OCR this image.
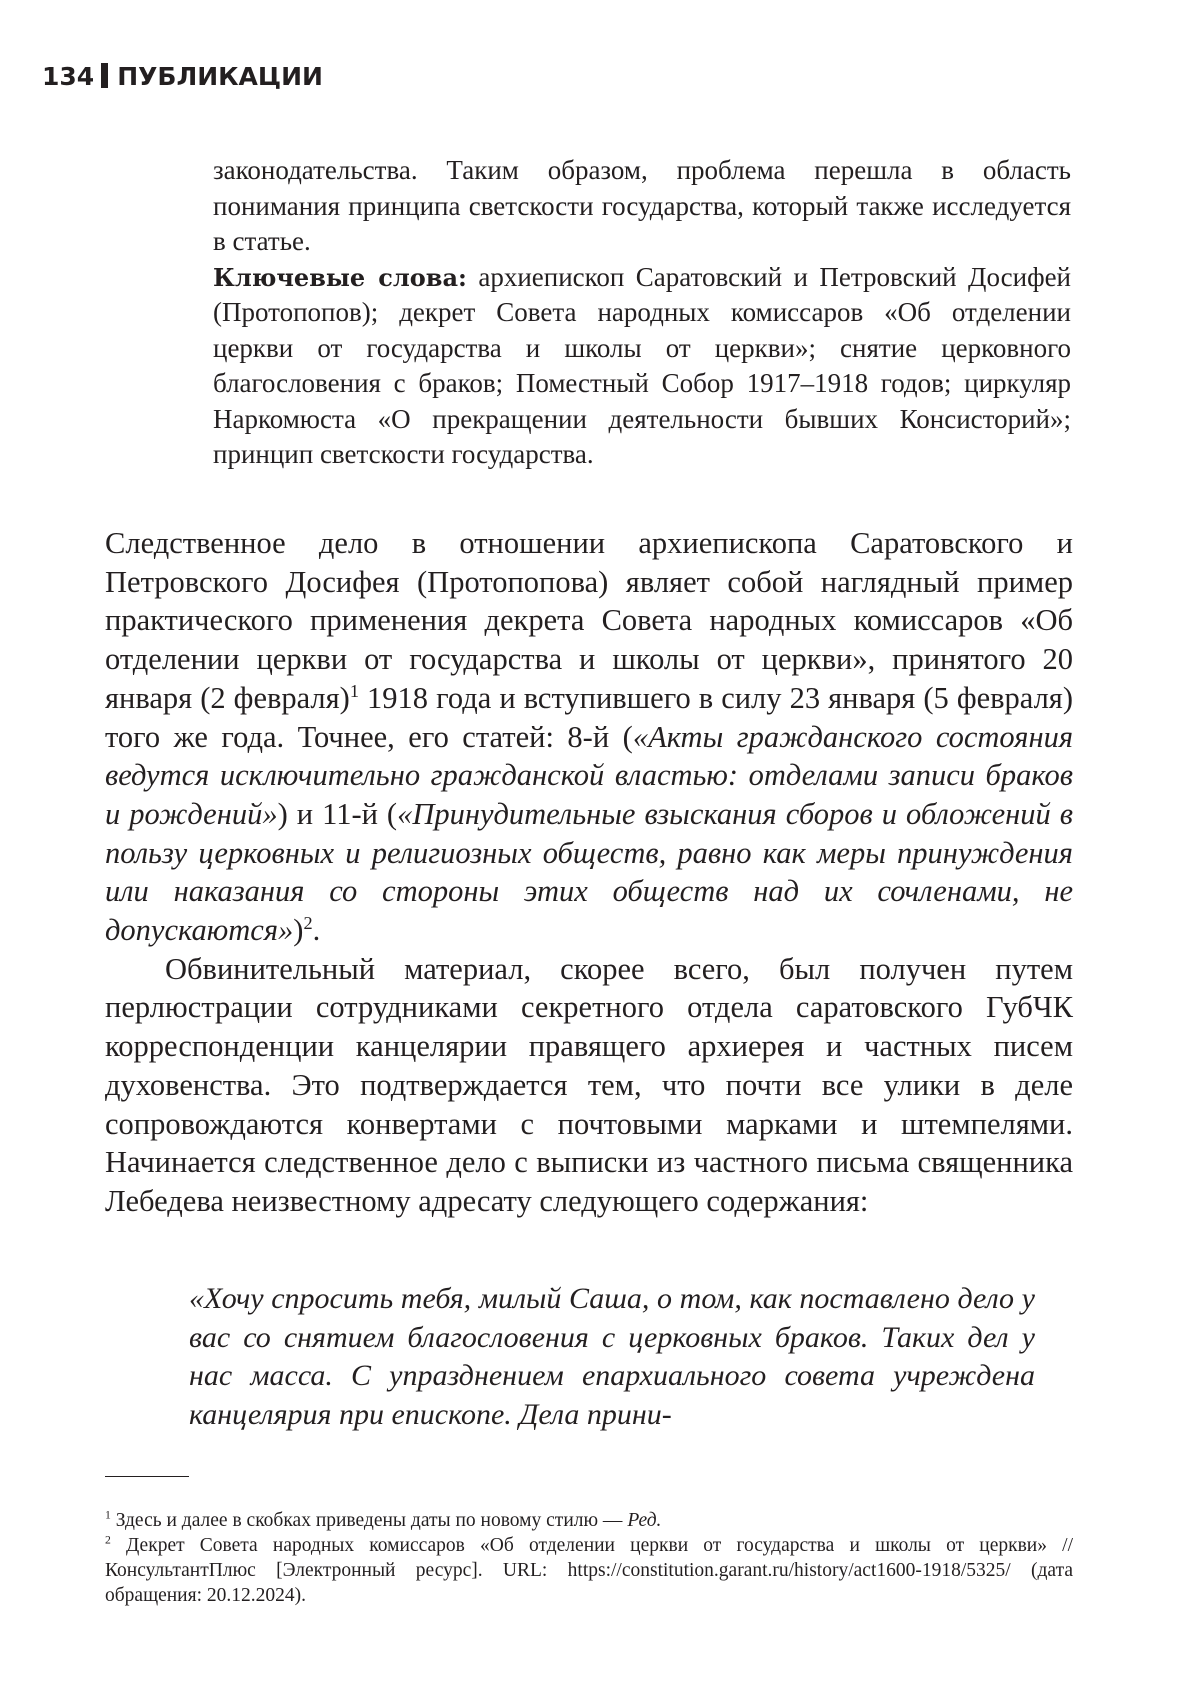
134 ПУБЛИКАЦИИ

законодательства. Таким образом, проблема перешла в область понимания принципа светскости государства, который также исследуется в статье.

Ключевые слова: архиепископ Саратовский и Петровский Досифей (Протопопов); декрет Совета народных комиссаров «Об отделении церкви от государства и школы от церкви»; снятие церковного благословения с браков; Поместный Собор 1917–1918 годов; циркуляр Наркомюста «О прекращении деятельности бывших Консисторий»; принцип светскости государства.

Следственное дело в отношении архиепископа Саратовского и Петровского Досифея (Протопопова) являет собой наглядный пример практического применения декрета Совета народных комиссаров «Об отделении церкви от государства и школы от церкви», принятого 20 января (2 февраля)$^1$ 1918 года и вступившего в силу 23 января (5 февраля) того же года. Точнее, его статей: 8-й («Акты гражданского состояния ведутся исключительно гражданской властью: отделами записи браков и рождений») и 11-й («Принудительные взыскания сборов и обложений в пользу церковных и религиозных обществ, равно как меры принуждения или наказания со стороны этих обществ над их сочленами, не допускаются»)$^2$.

Обвинительный материал, скорее всего, был получен путем перлюстрации сотрудниками секретного отдела саратовского ГубЧК корреспонденции канцелярии правящего архиерея и частных писем духовенства. Это подтверждается тем, что почти все улики в деле сопровождаются конвертами с почтовыми марками и штемпелями. Начинается следственное дело с выписки из частного письма священника Лебедева неизвестному адресату следующего содержания:

«Хочу спросить тебя, милый Саша, о том, как поставлено дело у вас со снятием благословения с церковных браков. Таких дел у нас масса. С упразднением епархиального совета учреждена канцелярия при епископе. Дела прини-

$^1$ Здесь и далее в скобках приведены даты по новому стилю — Ред.

$^2$ Декрет Совета народных комиссаров «Об отделении церкви от государства и школы от церкви» // КонсультантПлюс [Электронный ресурс]. URL: https://constitution.garant.ru/history/act1600-1918/5325/ (дата обращения: 20.12.2024).
